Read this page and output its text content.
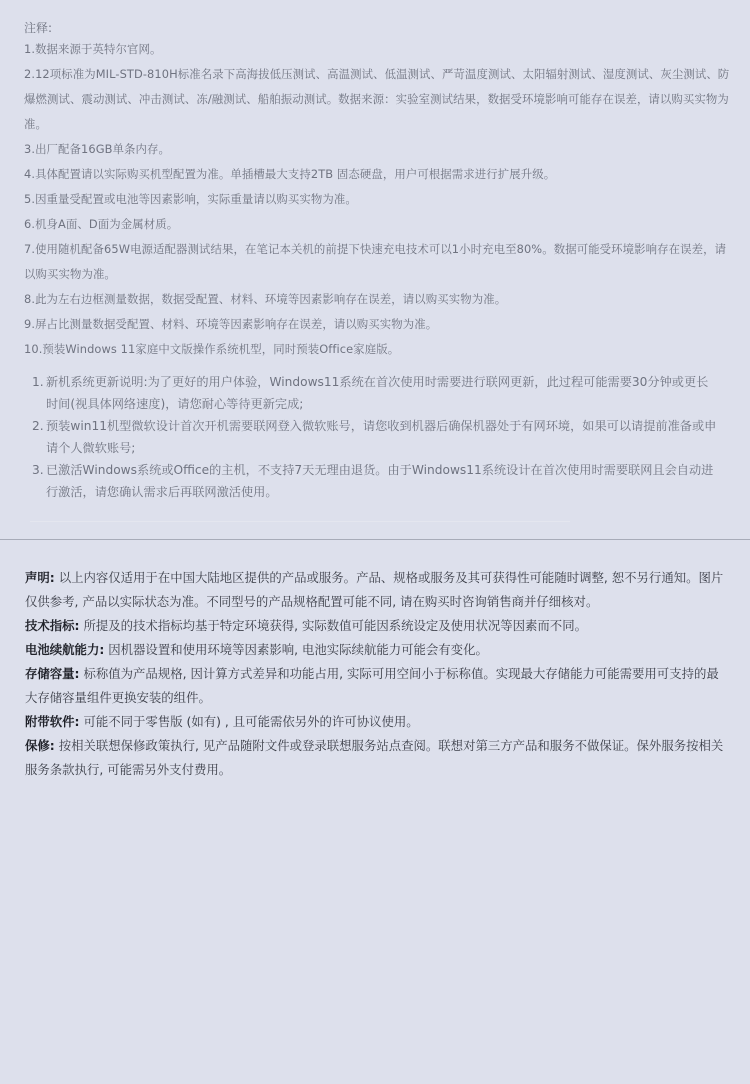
注释:

1.数据来源于英特尔官网。

2.12项标准为MIL-STD-810H标准名录下高海拔低压测试、高温测试、低温测试、严苛温度测试、太阳辐射测试、湿度测试、灰尘测试、防爆燃测试、震动测试、冲击测试、冻/融测试、船舶振动测试。数据来源：实验室测试结果，数据受环境影响可能存在误差，请以购买实物为准。

3.出厂配备16GB单条内存。

4.具体配置请以实际购买机型配置为准。单插槽最大支持2TB 固态硬盘，用户可根据需求进行扩展升级。

5.因重量受配置或电池等因素影响，实际重量请以购买实物为准。

6.机身A面、D面为金属材质。

7.使用随机配备65W电源适配器测试结果，在笔记本关机的前提下快速充电技术可以1小时充电至80%。数据可能受环境影响存在误差，请以购买实物为准。

8.此为左右边框测量数据，数据受配置、材料、环境等因素影响存在误差，请以购买实物为准。

9.屏占比测量数据受配置、材料、环境等因素影响存在误差，请以购买实物为准。

10.预装Windows 11家庭中文版操作系统机型，同时预装Office家庭版。

1. 新机系统更新说明:为了更好的用户体验，Windows11系统在首次使用时需要进行联网更新，此过程可能需要30分钟或更长时间(视具体网络速度)，请您耐心等待更新完成;
2. 预装win11机型微软设计首次开机需要联网登入微软账号，请您收到机器后确保机器处于有网环境，如果可以请提前准备或申请个人微软账号;
3. 已激活Windows系统或Office的主机，不支持7天无理由退货。由于Windows11系统设计在首次使用时需要联网且会自动进行激活，请您确认需求后再联网激活使用。

声明: 以上内容仅适用于在中国大陆地区提供的产品或服务。产品、规格或服务及其可获得性可能随时调整, 恕不另行通知。图片仅供参考, 产品以实际状态为准。不同型号的产品规格配置可能不同, 请在购买时咨询销售商并仔细核对。

技术指标: 所提及的技术指标均基于特定环境获得, 实际数值可能因系统设定及使用状况等因素而不同。

电池续航能力: 因机器设置和使用环境等因素影响, 电池实际续航能力可能会有变化。

存储容量: 标称值为产品规格, 因计算方式差异和功能占用, 实际可用空间小于标称值。实现最大存储能力可能需要用可支持的最大存储容量组件更换安装的组件。

附带软件: 可能不同于零售版 (如有) , 且可能需依另外的许可协议使用。

保修: 按相关联想保修政策执行, 见产品随附文件或登录联想服务站点查阅。联想对第三方产品和服务不做保证。保外服务按相关服务条款执行, 可能需另外支付费用。
